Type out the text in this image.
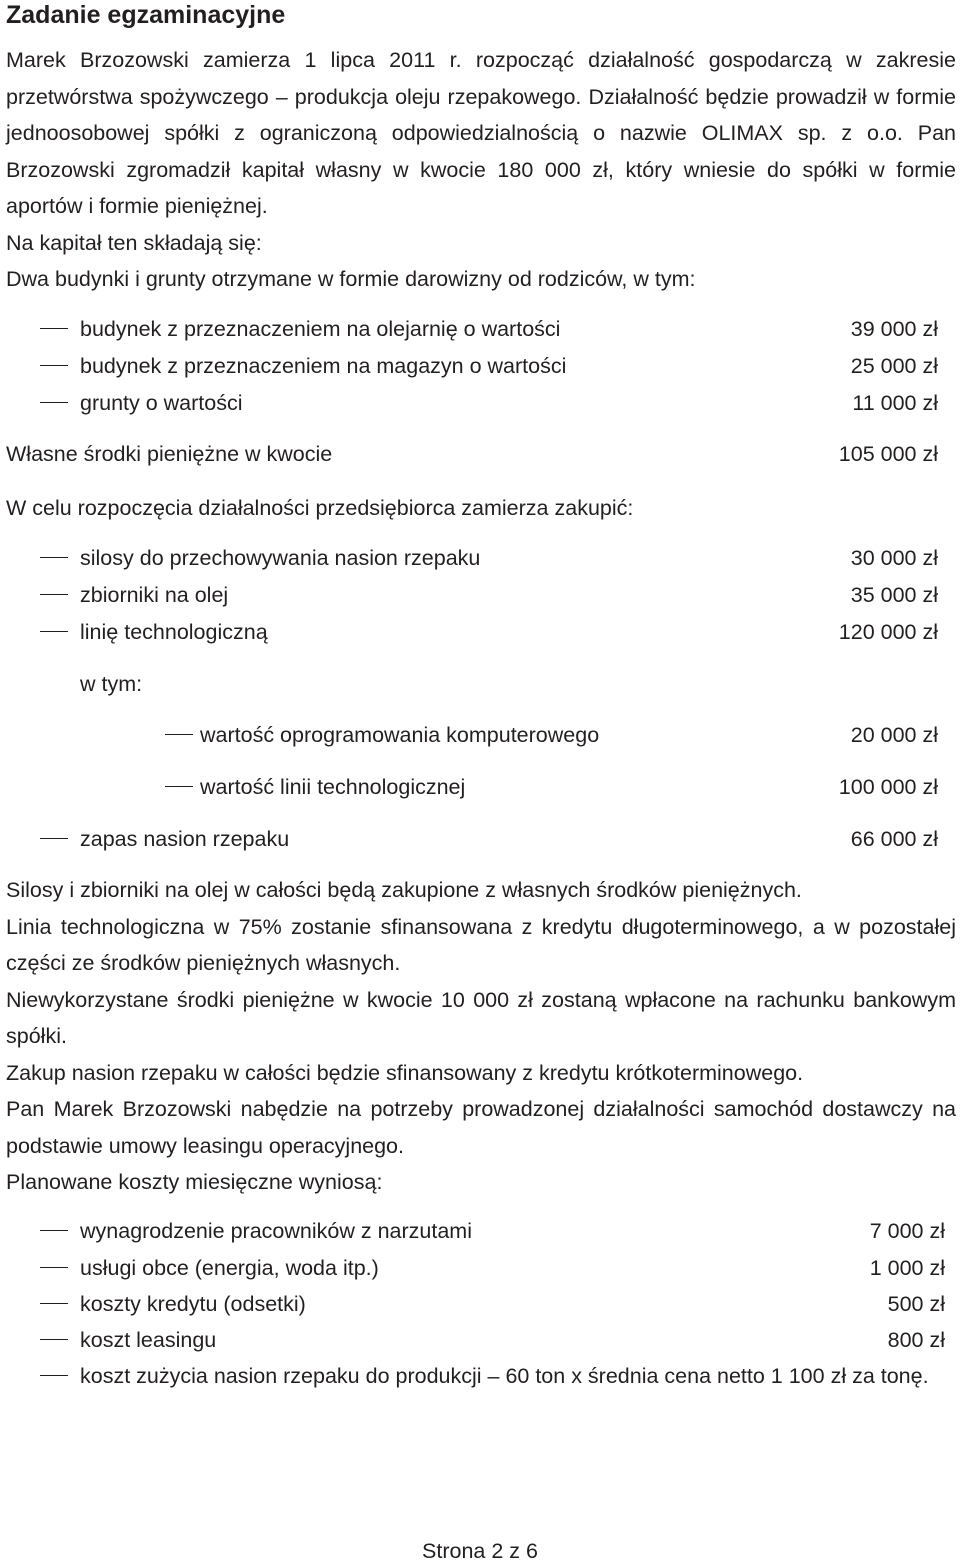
Zadanie egzaminacyjne

Marek Brzozowski zamierza 1 lipca 2011 r. rozpocząć działalność gospodarczą w zakresie przetwórstwa spożywczego – produkcja oleju rzepakowego. Działalność będzie prowadził w formie jednoosobowej spółki z ograniczoną odpowiedzialnością o nazwie OLIMAX sp. z o.o. Pan Brzozowski zgromadził kapitał własny w kwocie 180 000 zł, który wniesie do spółki w formie aportów i formie pieniężnej.

Na kapitał ten składają się:

Dwa budynki i grunty otrzymane w formie darowizny od rodziców, w tym:

budynek z przeznaczeniem na olejarnię o wartości	39 000 zł
budynek z przeznaczeniem na magazyn o wartości	25 000 zł
grunty o wartości	11 000 zł
Własne środki pieniężne w kwocie	105 000 zł

W celu rozpoczęcia działalności przedsiębiorca zamierza zakupić:

silosy do przechowywania nasion rzepaku	30 000 zł
zbiorniki na olej	35 000 zł
linię technologiczną	120 000 zł
w tym:
wartość oprogramowania komputerowego	20 000 zł
wartość linii technologicznej	100 000 zł
zapas nasion rzepaku	66 000 zł

Silosy i zbiorniki na olej w całości będą zakupione z własnych środków pieniężnych.

Linia technologiczna w 75% zostanie sfinansowana z kredytu długoterminowego, a w pozostałej części ze środków pieniężnych własnych.

Niewykorzystane środki pieniężne w kwocie 10 000 zł zostaną wpłacone na rachunku bankowym spółki.

Zakup nasion rzepaku w całości będzie sfinansowany z kredytu krótkoterminowego.

Pan Marek Brzozowski nabędzie na potrzeby prowadzonej działalności samochód dostawczy na podstawie umowy leasingu operacyjnego.

Planowane koszty miesięczne wyniosą:

wynagrodzenie pracowników z narzutami	7 000 zł
usługi obce (energia, woda itp.)	1 000 zł
koszty kredytu (odsetki)	500 zł
koszt leasingu	800 zł

koszt zużycia nasion rzepaku do produkcji – 60 ton x średnia cena netto 1 100 zł za tonę.

Strona 2 z 6
